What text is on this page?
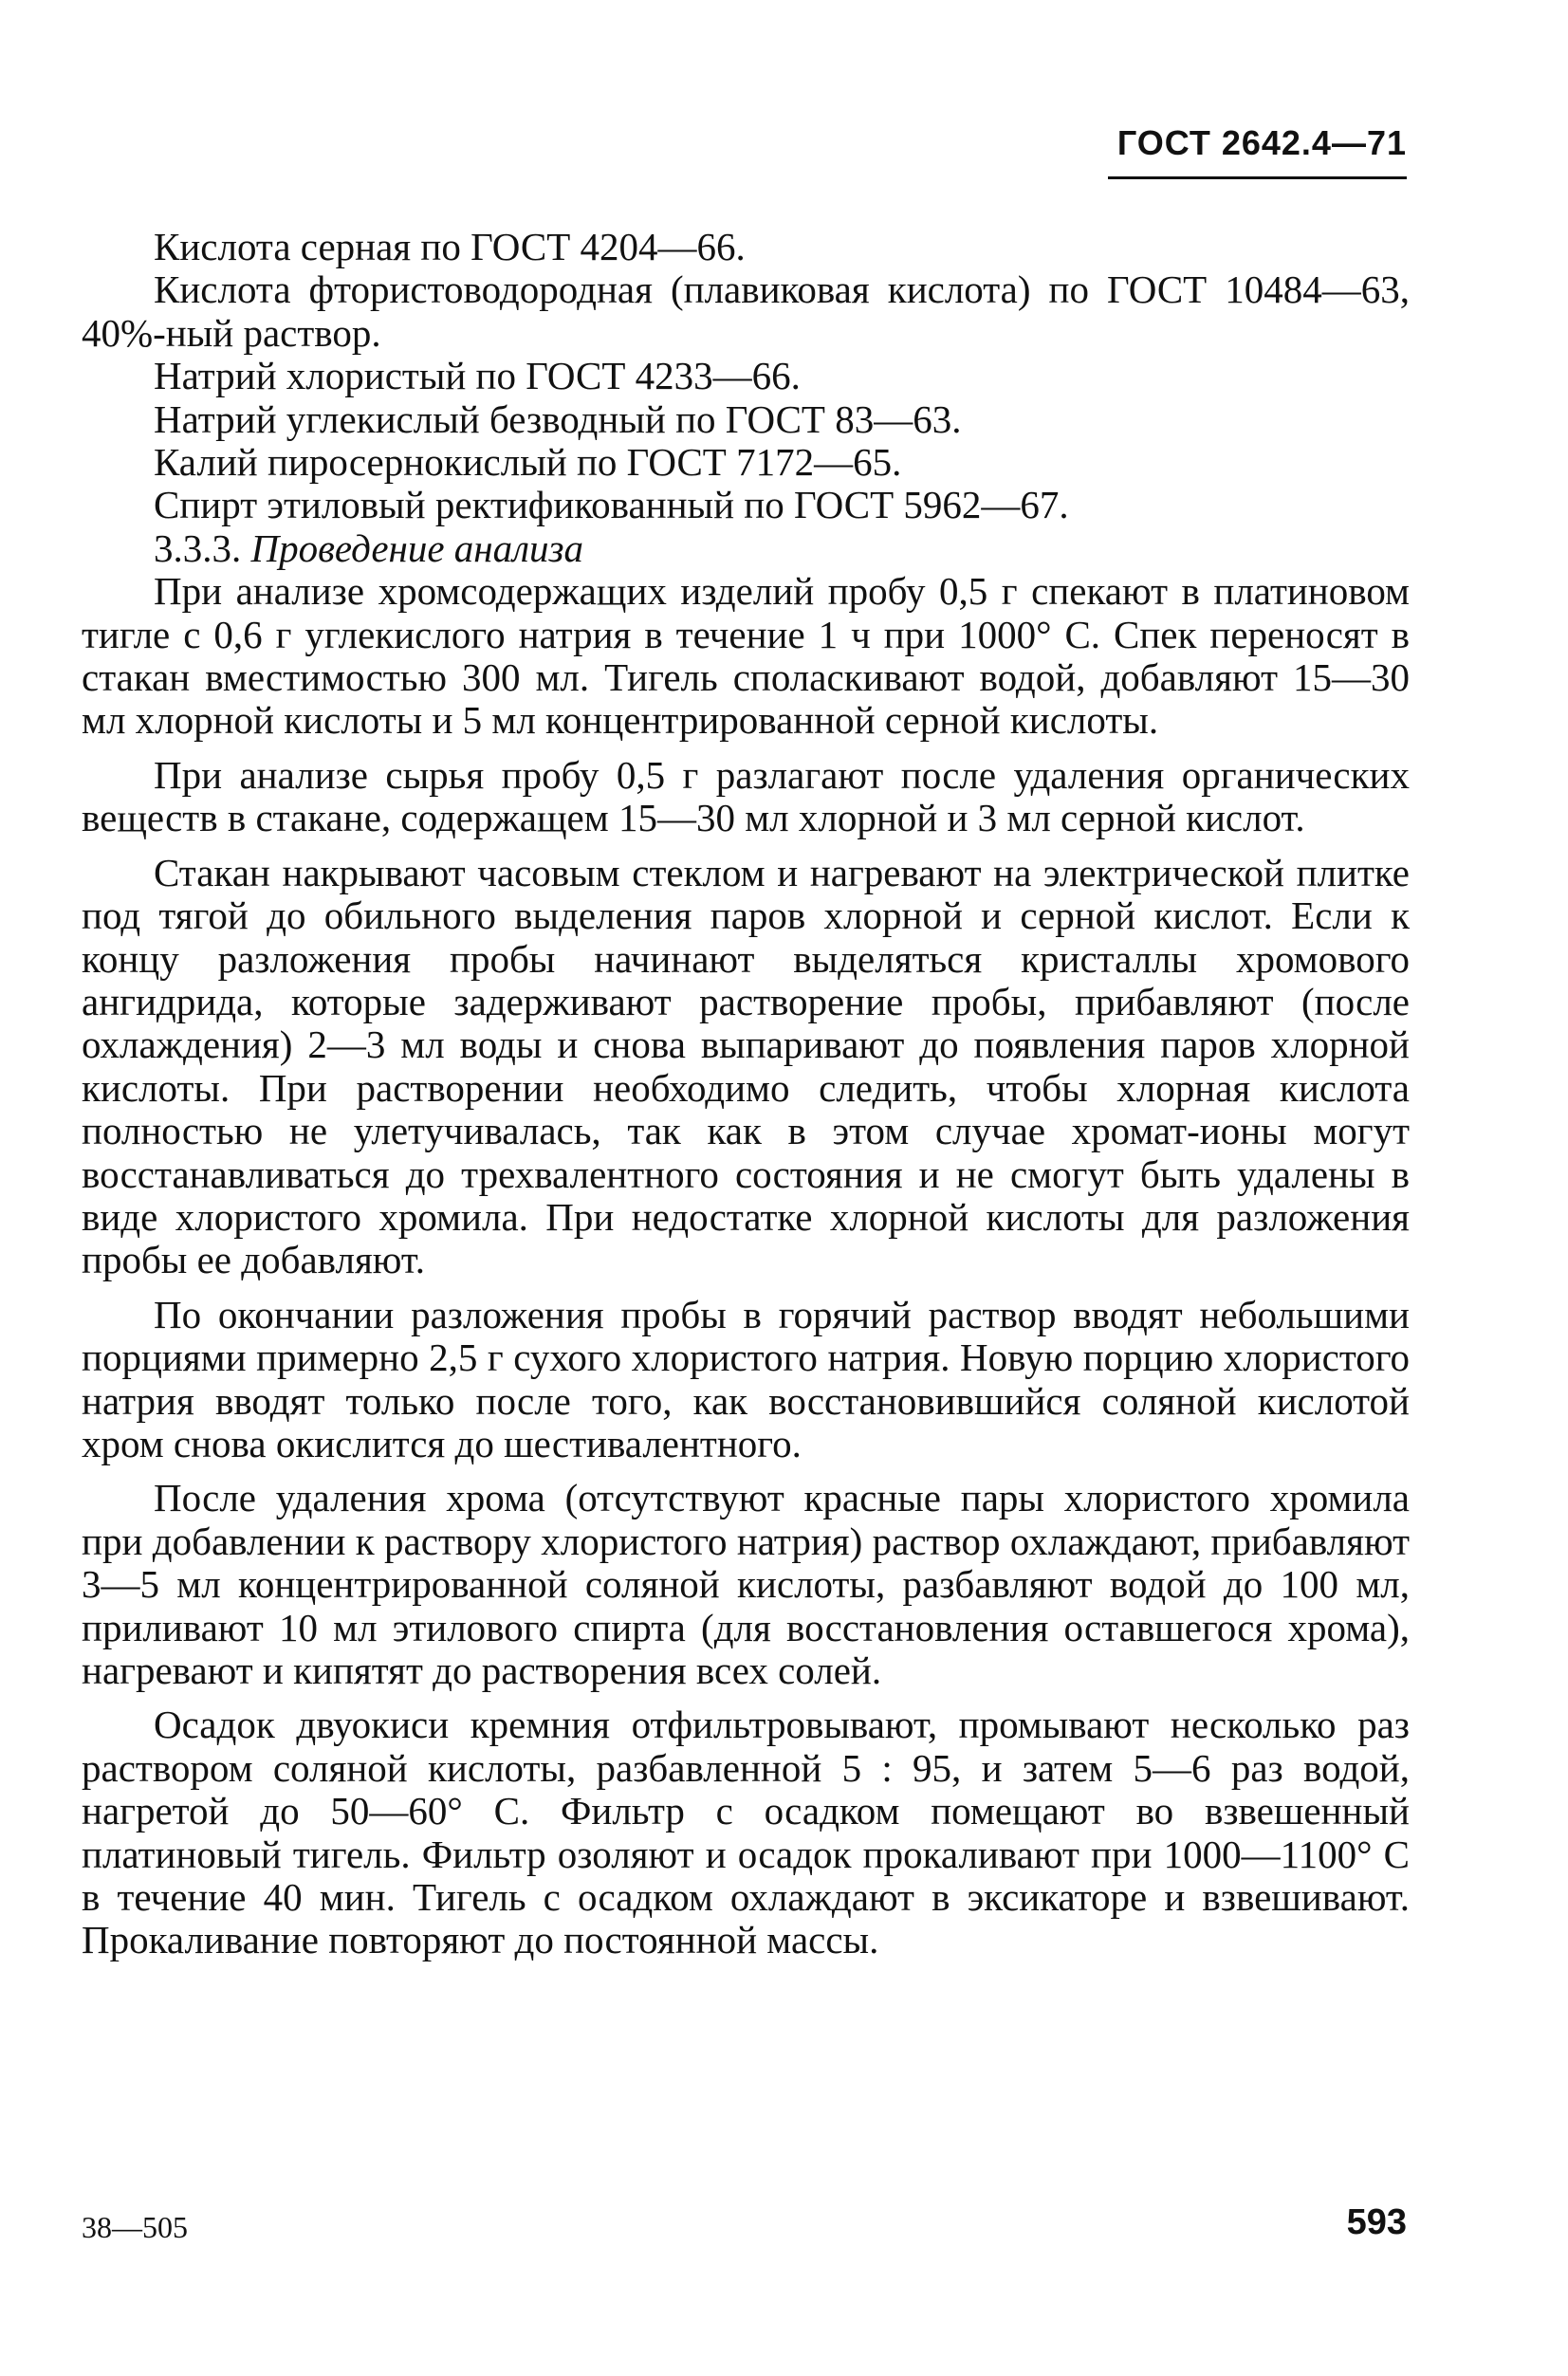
ГОСТ 2642.4—71

Кислота серная по ГОСТ 4204—66.

Кислота фтористоводородная (плавиковая кислота) по ГОСТ 10484—63, 40%-ный раствор.

Натрий хлористый по ГОСТ 4233—66.

Натрий углекислый безводный по ГОСТ 83—63.

Калий пиросернокислый по ГОСТ 7172—65.

Спирт этиловый ректификованный по ГОСТ 5962—67.

3.3.3. Проведение анализа

При анализе хромсодержащих изделий пробу 0,5 г спекают в платиновом тигле с 0,6 г углекислого натрия в течение 1 ч при 1000° С. Спек переносят в стакан вместимостью 300 мл. Тигель споласкивают водой, добавляют 15—30 мл хлорной кислоты и 5 мл концентрированной серной кислоты.

При анализе сырья пробу 0,5 г разлагают после удаления органических веществ в стакане, содержащем 15—30 мл хлорной и 3 мл серной кислот.

Стакан накрывают часовым стеклом и нагревают на электрической плитке под тягой до обильного выделения паров хлорной и серной кислот. Если к концу разложения пробы начинают выделяться кристаллы хромового ангидрида, которые задерживают растворение пробы, прибавляют (после охлаждения) 2—3 мл воды и снова выпаривают до появления паров хлорной кислоты. При растворении необходимо следить, чтобы хлорная кислота полностью не улетучивалась, так как в этом случае хромат-ионы могут восстанавливаться до трехвалентного состояния и не смогут быть удалены в виде хлористого хромила. При недостатке хлорной кислоты для разложения пробы ее добавляют.

По окончании разложения пробы в горячий раствор вводят небольшими порциями примерно 2,5 г сухого хлористого натрия. Новую порцию хлористого натрия вводят только после того, как восстановившийся соляной кислотой хром снова окислится до шестивалентного.

После удаления хрома (отсутствуют красные пары хлористого хромила при добавлении к раствору хлористого натрия) раствор охлаждают, прибавляют 3—5 мл концентрированной соляной кислоты, разбавляют водой до 100 мл, приливают 10 мл этилового спирта (для восстановления оставшегося хрома), нагревают и кипятят до растворения всех солей.

Осадок двуокиси кремния отфильтровывают, промывают несколько раз раствором соляной кислоты, разбавленной 5 : 95, и затем 5—6 раз водой, нагретой до 50—60° С. Фильтр с осадком помещают во взвешенный платиновый тигель. Фильтр озоляют и осадок прокаливают при 1000—1100° С в течение 40 мин. Тигель с осадком охлаждают в эксикаторе и взвешивают. Прокаливание повторяют до постоянной массы.

38—505	593
